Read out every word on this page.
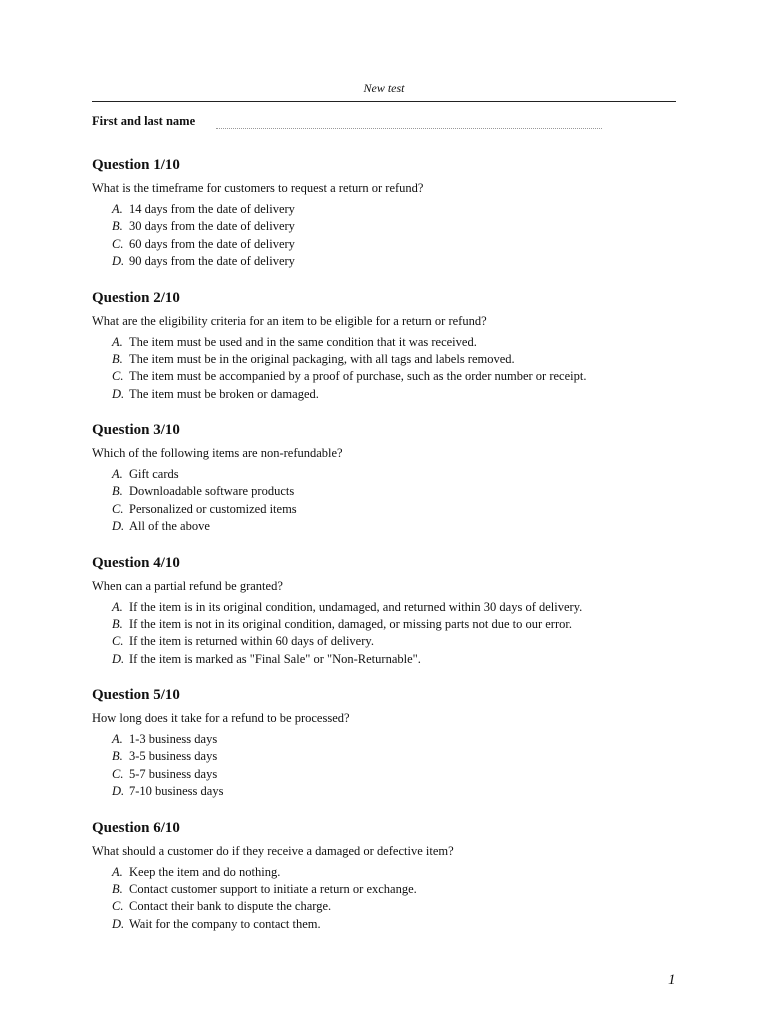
New test
First and last name
Question 1/10
What is the timeframe for customers to request a return or refund?
A. 14 days from the date of delivery
B. 30 days from the date of delivery
C. 60 days from the date of delivery
D. 90 days from the date of delivery
Question 2/10
What are the eligibility criteria for an item to be eligible for a return or refund?
A. The item must be used and in the same condition that it was received.
B. The item must be in the original packaging, with all tags and labels removed.
C. The item must be accompanied by a proof of purchase, such as the order number or receipt.
D. The item must be broken or damaged.
Question 3/10
Which of the following items are non-refundable?
A. Gift cards
B. Downloadable software products
C. Personalized or customized items
D. All of the above
Question 4/10
When can a partial refund be granted?
A. If the item is in its original condition, undamaged, and returned within 30 days of delivery.
B. If the item is not in its original condition, damaged, or missing parts not due to our error.
C. If the item is returned within 60 days of delivery.
D. If the item is marked as "Final Sale" or "Non-Returnable".
Question 5/10
How long does it take for a refund to be processed?
A. 1-3 business days
B. 3-5 business days
C. 5-7 business days
D. 7-10 business days
Question 6/10
What should a customer do if they receive a damaged or defective item?
A. Keep the item and do nothing.
B. Contact customer support to initiate a return or exchange.
C. Contact their bank to dispute the charge.
D. Wait for the company to contact them.
1
